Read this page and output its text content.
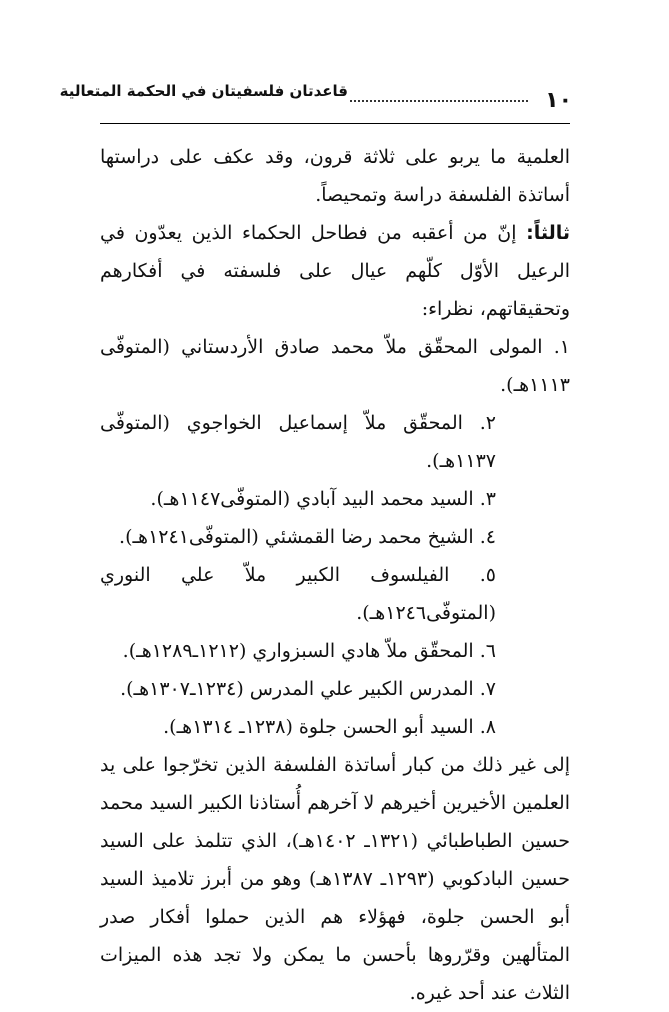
١٠
قاعدتان فلسفيتان في الحكمة المتعالية

العلمية ما يربو على ثلاثة قرون، وقد عكف على دراستها أساتذة الفلسفة دراسة وتمحيصاً.

ثالثاً: إنّ من أعقبه من فطاحل الحكماء الذين يعدّون في الرعيل الأوّل كلّهم عيال على فلسفته في أفكارهم وتحقيقاتهم، نظراء:

١. المولى المحقّق ملاّ محمد صادق الأردستاني (المتوفّى ١١١٣هـ).
٢. المحقّق ملاّ إسماعيل الخواجوي (المتوفّى ١١٣٧هـ).
٣. السيد محمد البيد آبادي (المتوفّى١١٤٧هـ).
٤. الشيخ محمد رضا القمشئي (المتوفّى١٢٤١هـ).
٥. الفيلسوف الكبير ملاّ علي النوري (المتوفّى١٢٤٦هـ).
٦. المحقّق ملاّ هادي السبزواري (١٢١٢ـ١٢٨٩هـ).
٧. المدرس الكبير علي المدرس (١٢٣٤ـ١٣٠٧هـ).
٨. السيد أبو الحسن جلوة (١٢٣٨ـ ١٣١٤هـ).

إلى غير ذلك من كبار أساتذة الفلسفة الذين تخرّجوا على يد العلمين الأخيرين أخيرهم لا آخرهم أُستاذنا الكبير السيد محمد حسين الطباطبائي (١٣٢١ـ ١٤٠٢هـ)، الذي تتلمذ على السيد حسين البادكوبي (١٢٩٣ـ ١٣٨٧هـ) وهو من أبرز تلاميذ السيد أبو الحسن جلوة، فهؤلاء هم الذين حملوا أفكار صدر المتألهين وقرّروها بأحسن ما يمكن ولا تجد هذه الميزات الثلاث عند أحد غيره.
